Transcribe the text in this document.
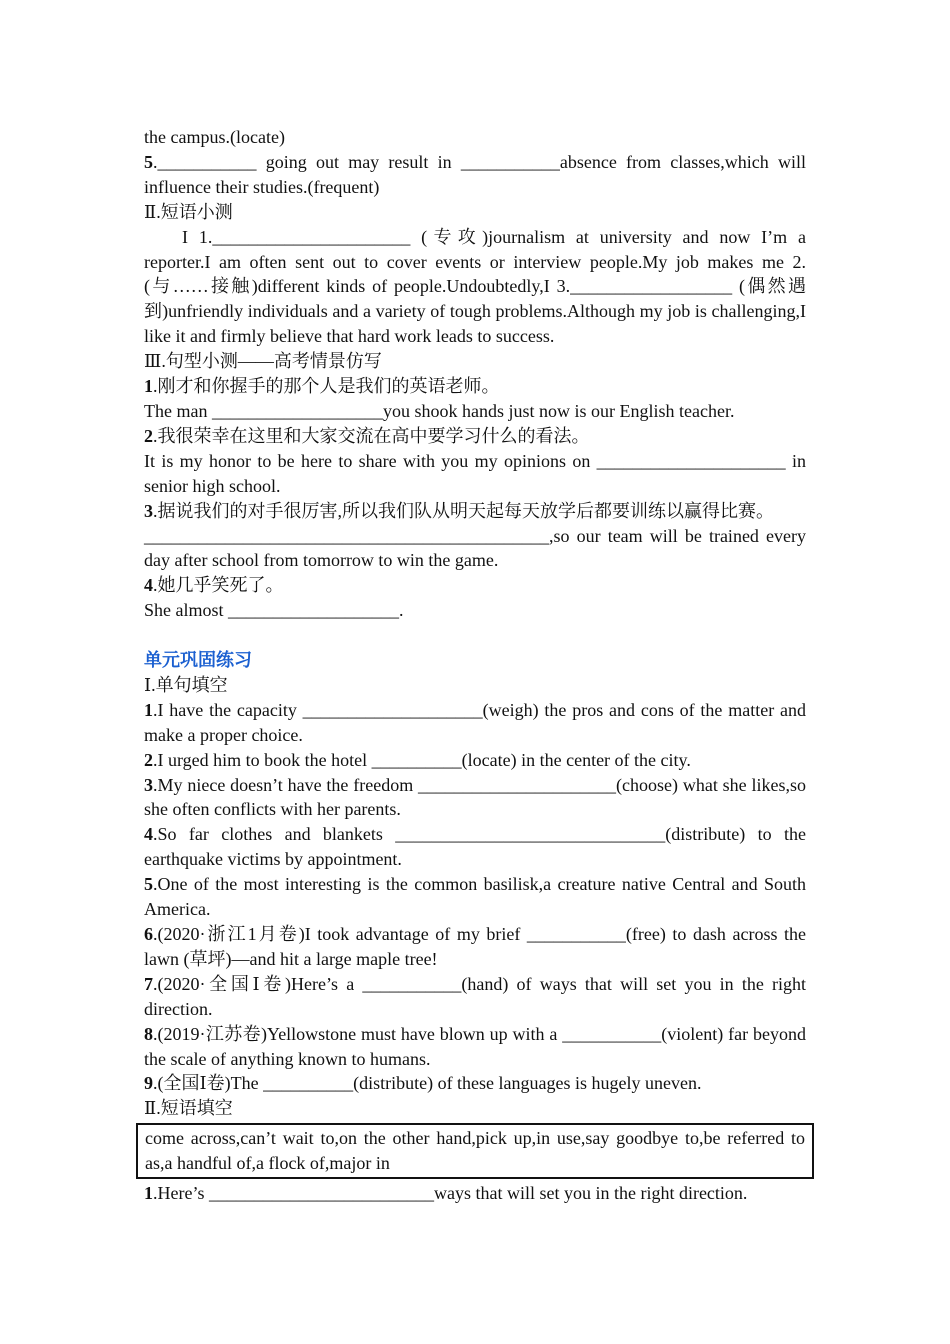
the campus.(locate)
5.___________ going out may result in ___________absence from classes,which will influence their studies.(frequent)
Ⅱ.短语小测
I 1.______________________ (专攻)journalism at university and now I’m a reporter.I am often sent out to cover events or interview people.My job makes me 2.(与……接触)different kinds of people.Undoubtedly,I 3.__________________ (偶然遇到)unfriendly individuals and a variety of tough problems.Although my job is challenging,I like it and firmly believe that hard work leads to success.
Ⅲ.句型小测——高考情景仿写
1.刚才和你握手的那个人是我们的英语老师。
The man ___________________you shook hands just now is our English teacher.
2.我很荣幸在这里和大家交流在高中要学习什么的看法。
It is my honor to be here to share with you my opinions on _____________________ in senior high school.
3.据说我们的对手很厉害,所以我们队从明天起每天放学后都要训练以赢得比赛。
_____________________________________________,so our team will be trained every day after school from tomorrow to win the game.
4.她几乎笑死了。
She almost ___________________.
单元巩固练习
Ⅰ.单句填空
1.I have the capacity ____________________(weigh) the pros and cons of the matter and make a proper choice.
2.I urged him to book the hotel __________(locate) in the center of the city.
3.My niece doesn’t have the freedom ______________________(choose) what she likes,so she often conflicts with her parents.
4.So far clothes and blankets ______________________________(distribute) to the earthquake victims by appointment.
5.One of the most interesting is the common basilisk,a creature native Central and South America.
6.(2020·浙江1月卷)I took advantage of my brief ___________(free) to dash across the lawn (草坪)—and hit a large maple tree!
7.(2020·全国Ⅰ卷)Here’s a ___________(hand) of ways that will set you in the right direction.
8.(2019·江苏卷)Yellowstone must have blown up with a ___________(violent) far beyond the scale of anything known to humans.
9.(全国Ⅰ卷)The __________(distribute) of these languages is hugely uneven.
Ⅱ.短语填空
come across,can’t wait to,on the other hand,pick up,in use,say goodbye to,be referred to as,a handful of,a flock of,major in
1.Here’s _________________________ways that will set you in the right direction.
